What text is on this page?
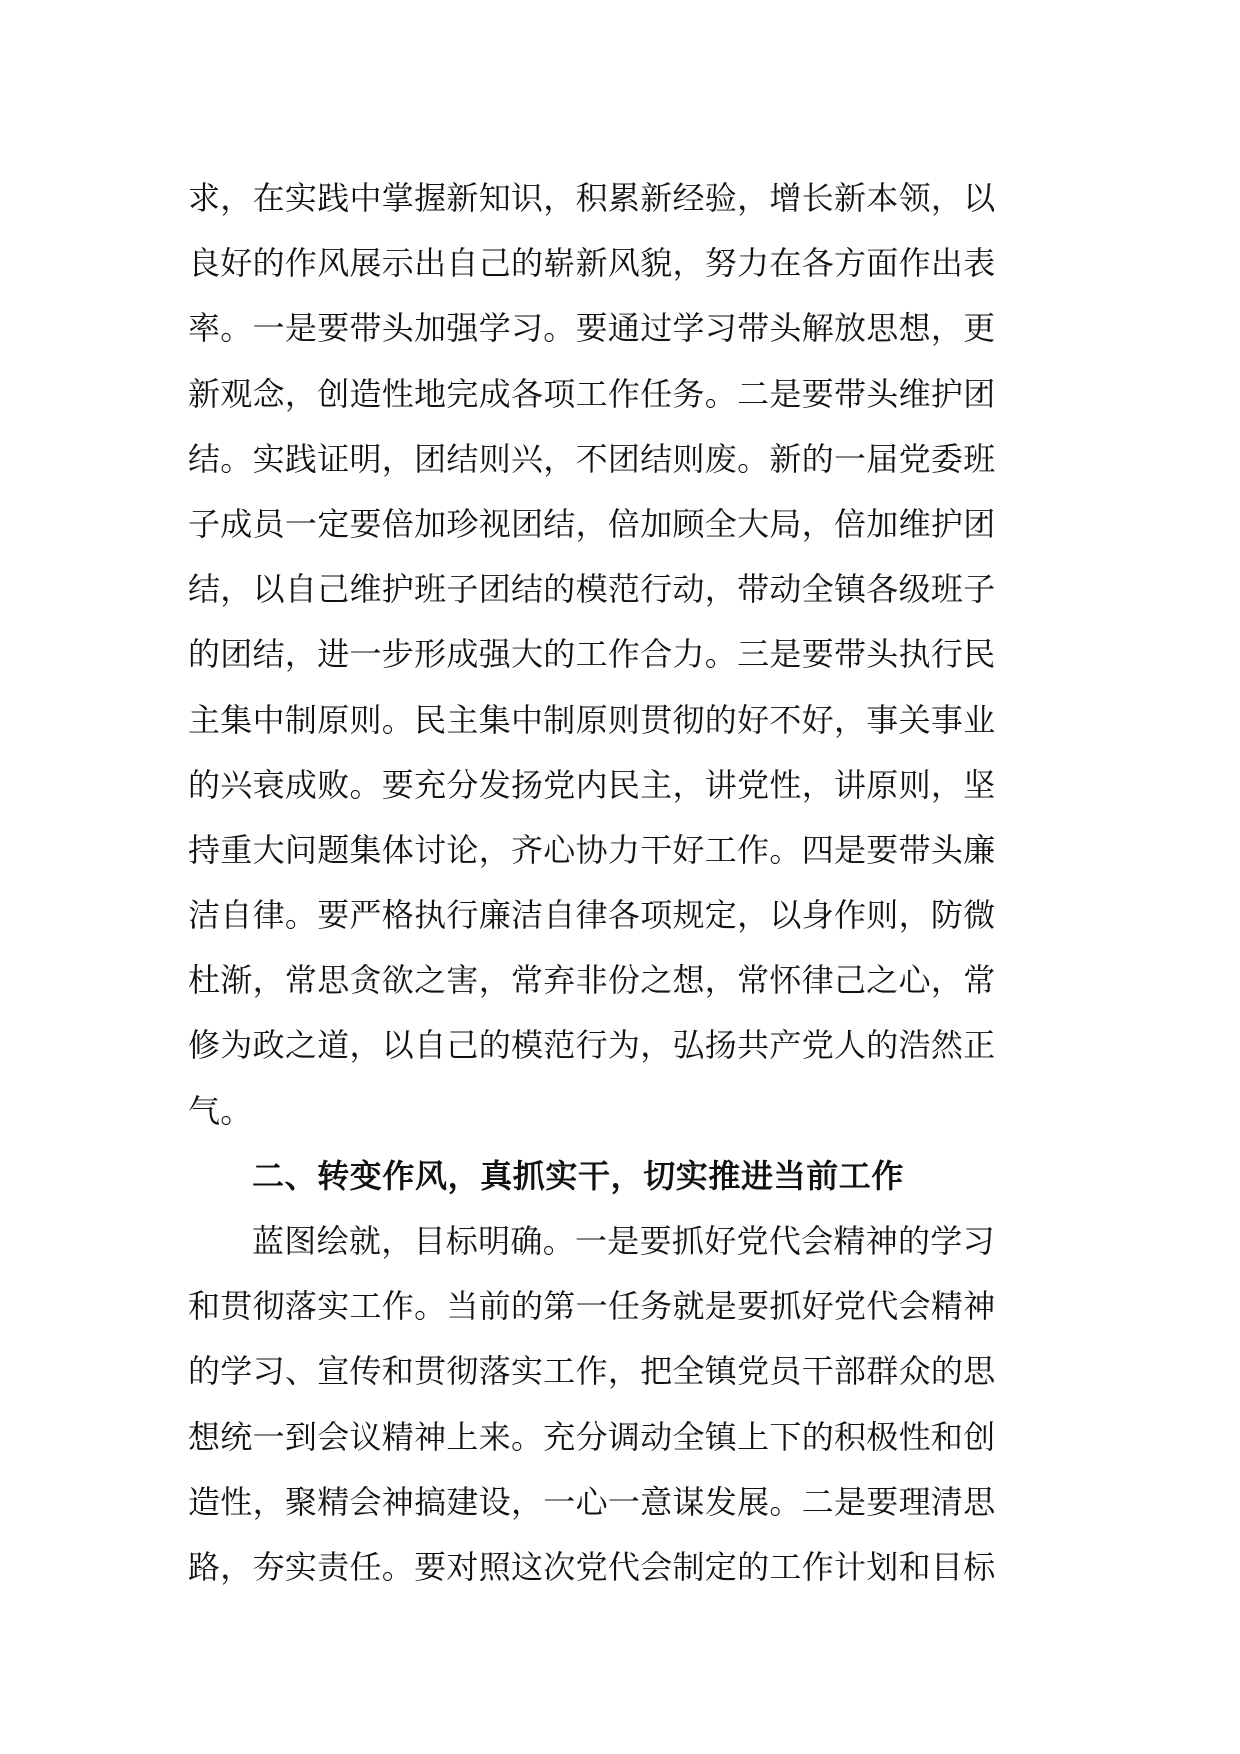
求，在实践中掌握新知识，积累新经验，增长新本领，以
良好的作风展示出自己的崭新风貌，努力在各方面作出表
率。一是要带头加强学习。要通过学习带头解放思想，更
新观念，创造性地完成各项工作任务。二是要带头维护团
结。实践证明，团结则兴，不团结则废。新的一届党委班
子成员一定要倍加珍视团结，倍加顾全大局，倍加维护团
结，以自己维护班子团结的模范行动，带动全镇各级班子
的团结，进一步形成强大的工作合力。三是要带头执行民
主集中制原则。民主集中制原则贯彻的好不好，事关事业
的兴衰成败。要充分发扬党内民主，讲党性，讲原则，坚
持重大问题集体讨论，齐心协力干好工作。四是要带头廉
洁自律。要严格执行廉洁自律各项规定，以身作则，防微
杜渐，常思贪欲之害，常弃非份之想，常怀律己之心，常
修为政之道，以自己的模范行为，弘扬共产党人的浩然正
气。
二、转变作风，真抓实干，切实推进当前工作
蓝图绘就，目标明确。一是要抓好党代会精神的学习
和贯彻落实工作。当前的第一任务就是要抓好党代会精神
的学习、宣传和贯彻落实工作，把全镇党员干部群众的思
想统一到会议精神上来。充分调动全镇上下的积极性和创
造性，聚精会神搞建设，一心一意谋发展。二是要理清思
路，夯实责任。要对照这次党代会制定的工作计划和目标
